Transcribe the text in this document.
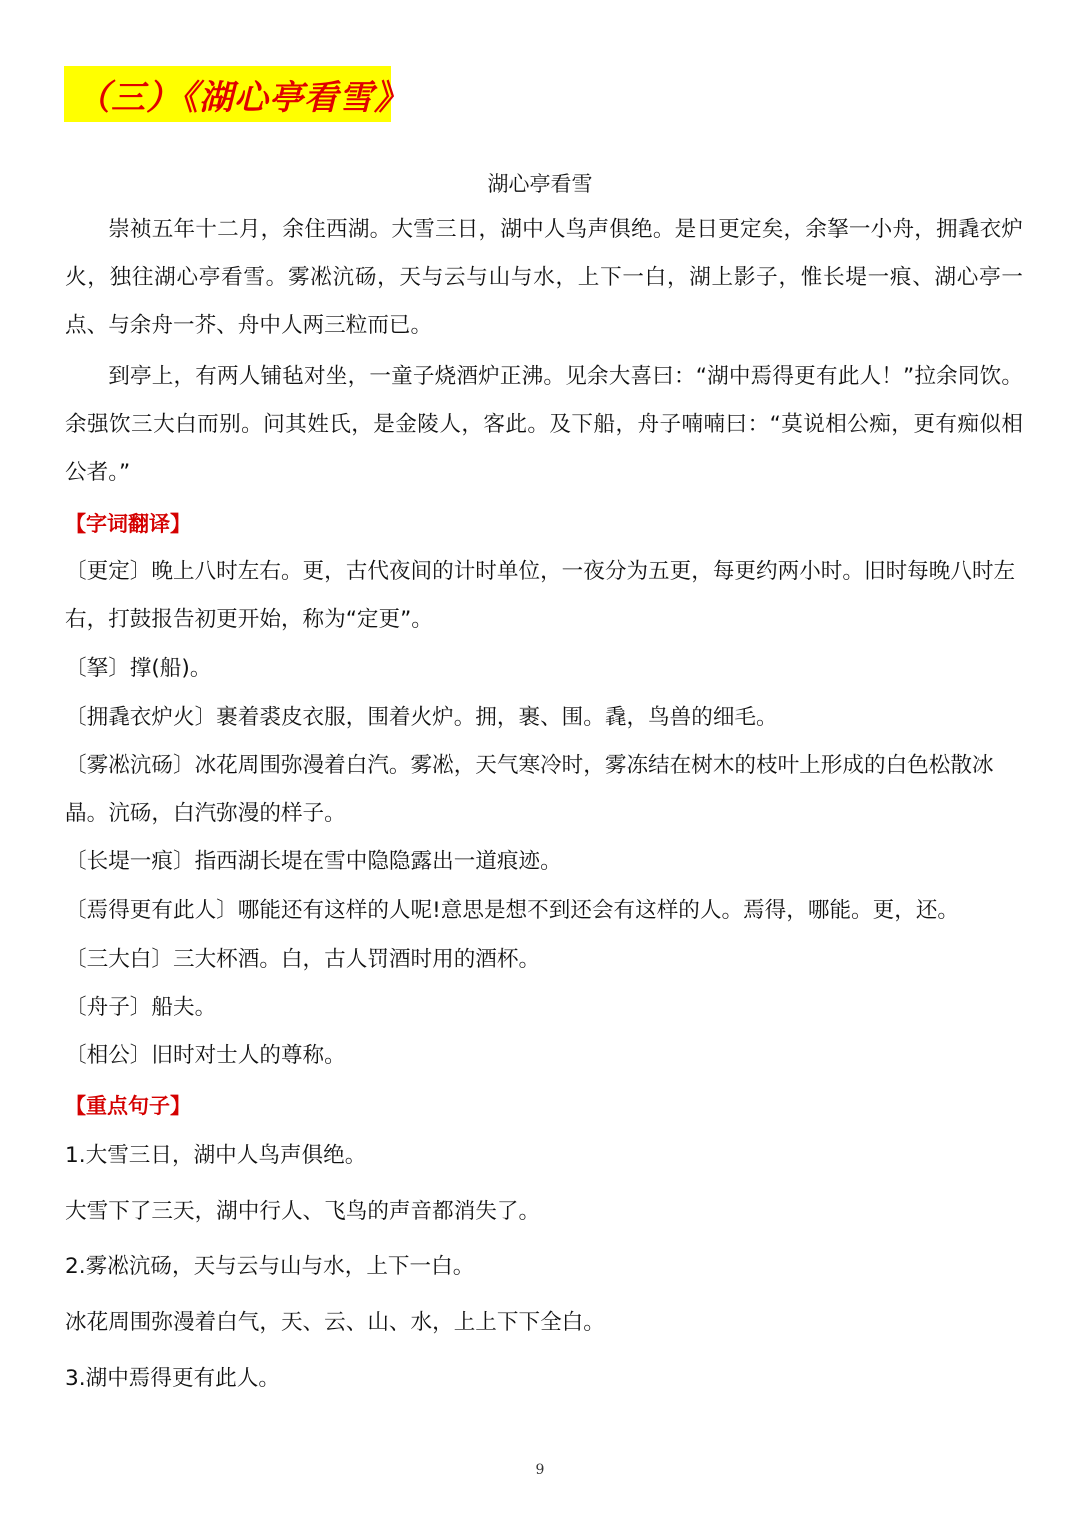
（三）《湖心亭看雪》
湖心亭看雪

崇祯五年十二月，余住西湖。大雪三日，湖中人鸟声俱绝。是日更定矣，余拏一小舟，拥毳衣炉火，独往湖心亭看雪。雾凇沆砀，天与云与山与水，上下一白，湖上影子，惟长堤一痕、湖心亭一点、与余舟一芥、舟中人两三粒而已。

到亭上，有两人铺毡对坐，一童子烧酒炉正沸。见余大喜曰：“湖中焉得更有此人！”拉余同饮。余强饮三大白而别。问其姓氏，是金陵人，客此。及下船，舟子喃喃曰：“莫说相公痴，更有痴似相公者。”

【字词翻译】
〔更定〕晚上八时左右。更，古代夜间的计时单位，一夜分为五更，每更约两小时。旧时每晚八时左右，打鼓报告初更开始，称为“定更”。
〔拏〕撑(船)。
〔拥毳衣炉火〕裹着裘皮衣服，围着火炉。拥，裹、围。毳，鸟兽的细毛。
〔雾凇沆砀〕冰花周围弥漫着白汽。雾凇，天气寒冷时，雾冻结在树木的枝叶上形成的白色松散冰晶。沆砀，白汽弥漫的样子。
〔长堤一痕〕指西湖长堤在雪中隐隐露出一道痕迹。
〔焉得更有此人〕哪能还有这样的人呢!意思是想不到还会有这样的人。焉得，哪能。更，还。
〔三大白〕三大杯酒。白，古人罚酒时用的酒杯。
〔舟子〕船夫。
〔相公〕旧时对士人的尊称。
【重点句子】
1.大雪三日，湖中人鸟声俱绝。
大雪下了三天，湖中行人、飞鸟的声音都消失了。
2.雾凇沆砀，天与云与山与水，上下一白。
冰花周围弥漫着白气，天、云、山、水，上上下下全白。
3.湖中焉得更有此人。
9
